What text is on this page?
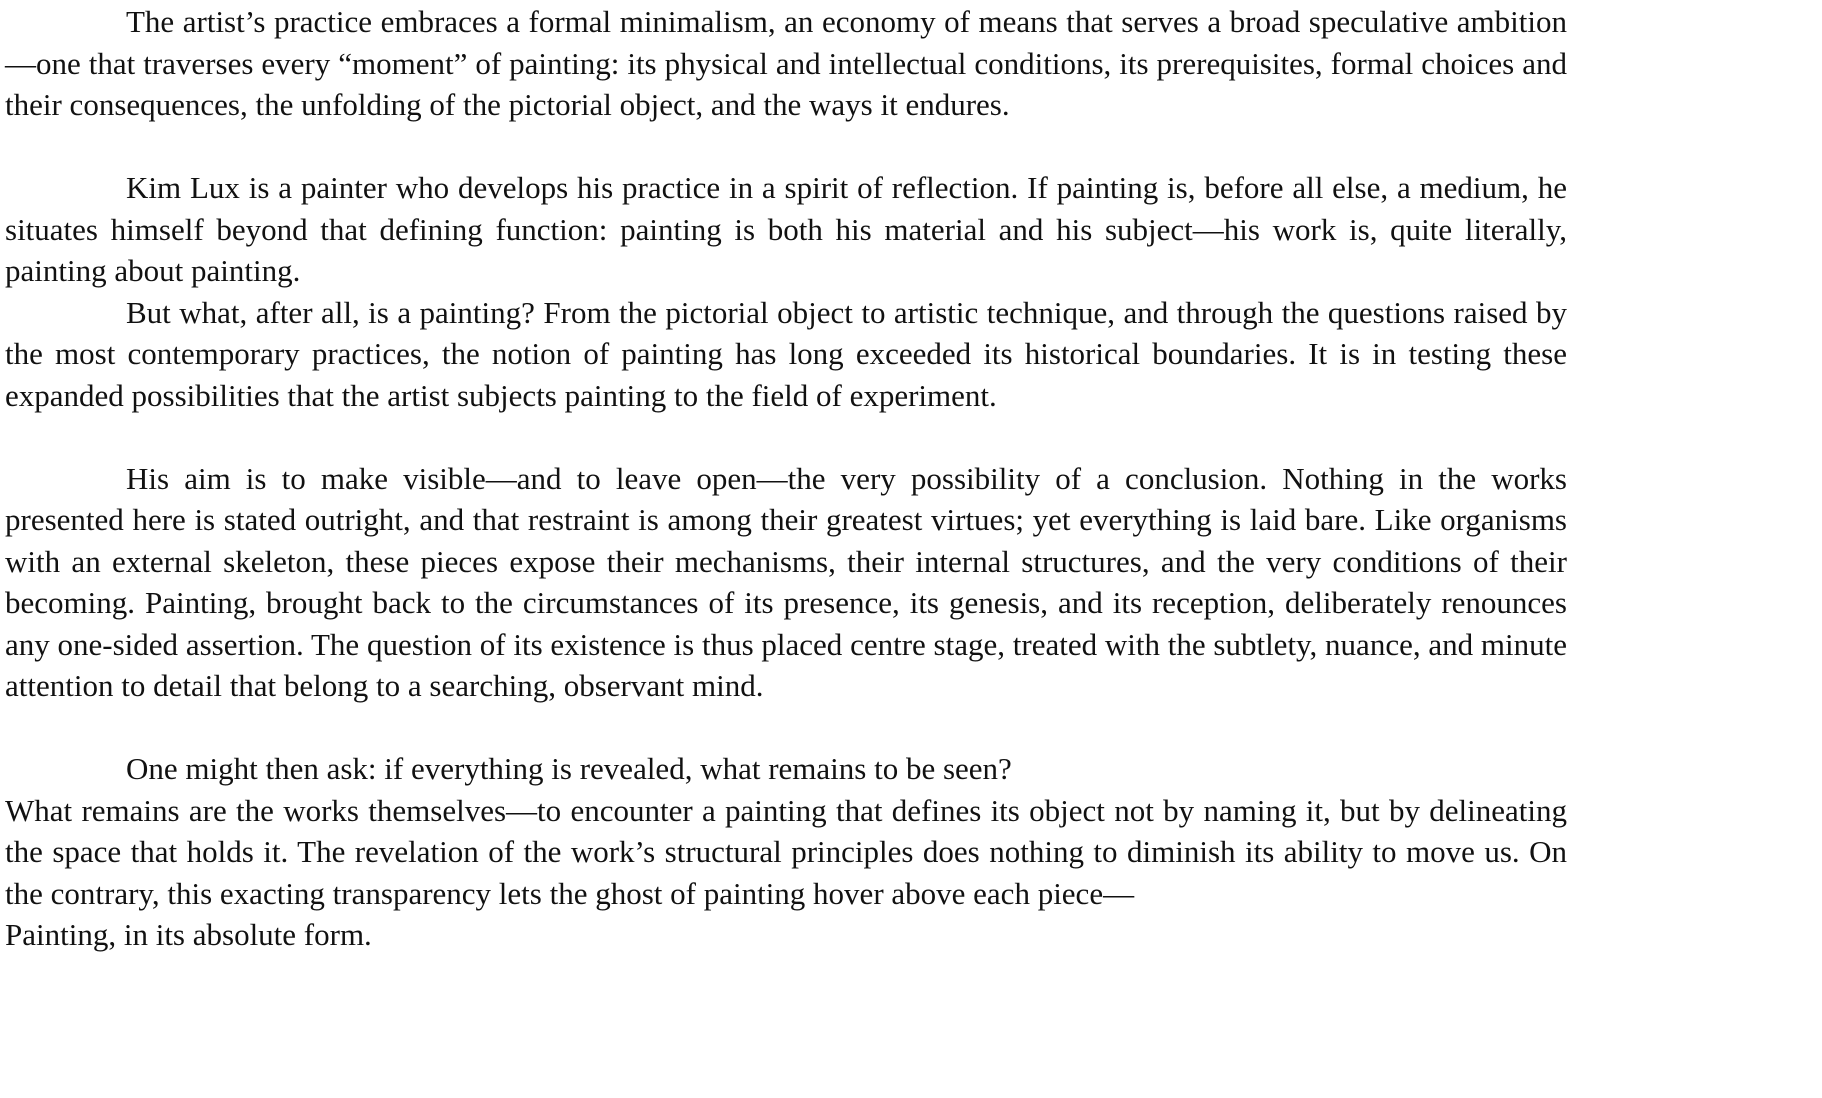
The artist’s practice embraces a formal minimalism, an economy of means that serves a broad speculative ambition—one that traverses every “moment” of painting: its physical and intellectual conditions, its prerequisites, formal choices and their consequences, the unfolding of the pictorial object, and the ways it endures.

Kim Lux is a painter who develops his practice in a spirit of reflection. If painting is, before all else, a medium, he situates himself beyond that defining function: painting is both his material and his subject—his work is, quite literally, painting about painting.

But what, after all, is a painting? From the pictorial object to artistic technique, and through the questions raised by the most contemporary practices, the notion of painting has long exceeded its historical boundaries. It is in testing these expanded possibilities that the artist subjects painting to the field of experiment.

His aim is to make visible—and to leave open—the very possibility of a conclusion. Nothing in the works presented here is stated outright, and that restraint is among their greatest virtues; yet everything is laid bare. Like organisms with an external skeleton, these pieces expose their mechanisms, their internal structures, and the very conditions of their becoming. Painting, brought back to the circumstances of its presence, its genesis, and its reception, deliberately renounces any one-sided assertion. The question of its existence is thus placed centre stage, treated with the subtlety, nuance, and minute attention to detail that belong to a searching, observant mind.

One might then ask: if everything is revealed, what remains to be seen?

What remains are the works themselves—to encounter a painting that defines its object not by naming it, but by delineating the space that holds it. The revelation of the work’s structural principles does nothing to diminish its ability to move us. On the contrary, this exacting transparency lets the ghost of painting hover above each piece—

Painting, in its absolute form.
